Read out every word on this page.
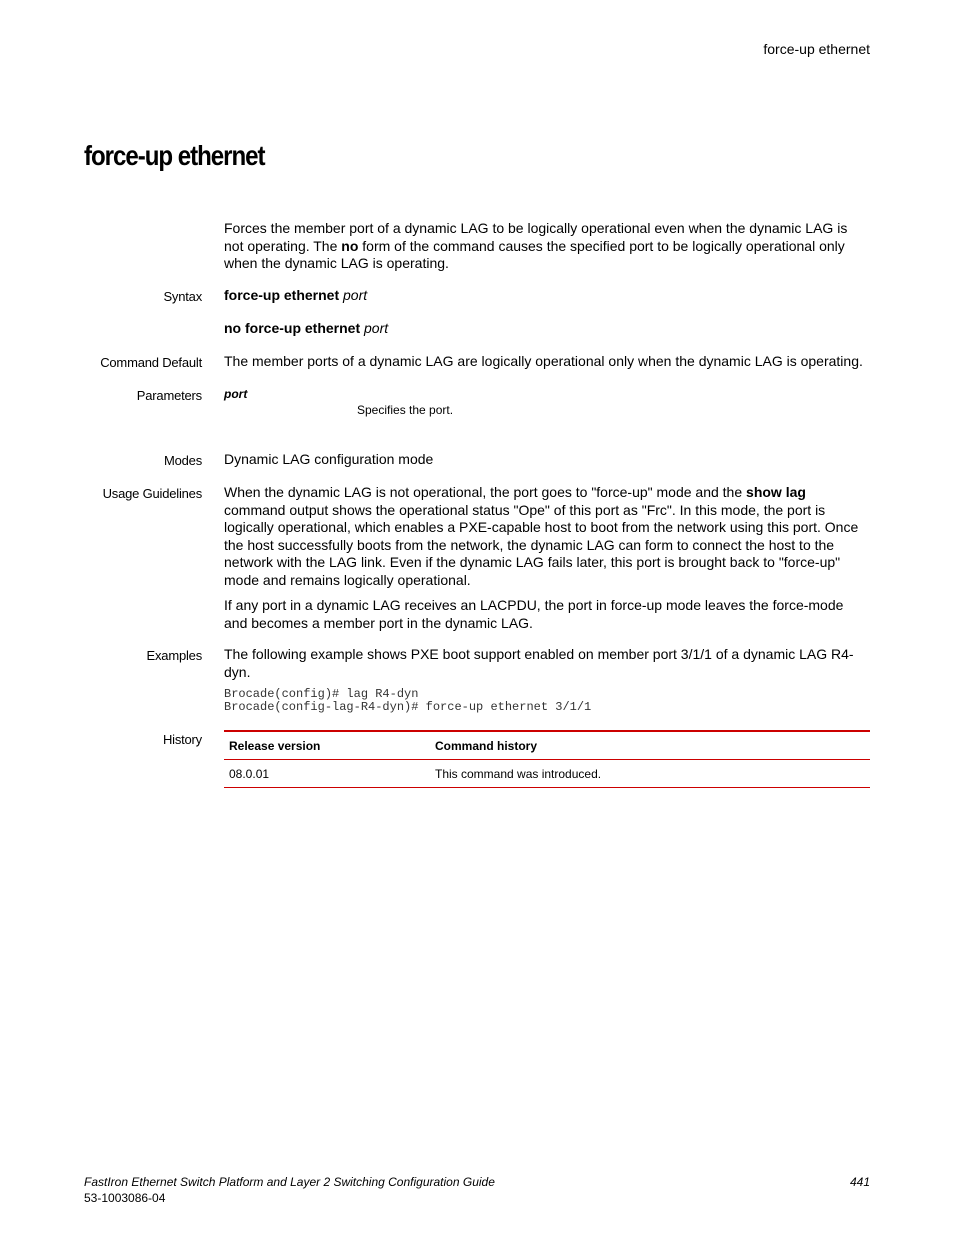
force-up ethernet
force-up ethernet

Forces the member port of a dynamic LAG to be logically operational even when the dynamic LAG is not operating. The no form of the command causes the specified port to be logically operational only when the dynamic LAG is operating.

Syntax force-up ethernet port
no force-up ethernet port
Command Default The member ports of a dynamic LAG are logically operational only when the dynamic LAG is operating.
Parameters port
Specifies the port.
Modes Dynamic LAG configuration mode
Usage Guidelines When the dynamic LAG is not operational, the port goes to "force-up" mode and the show lag command output shows the operational status "Ope" of this port as "Frc". In this mode, the port is logically operational, which enables a PXE-capable host to boot from the network using this port. Once the host successfully boots from the network, the dynamic LAG can form to connect the host to the network with the LAG link. Even if the dynamic LAG fails later, this port is brought back to "force-up" mode and remains logically operational.

If any port in a dynamic LAG receives an LACPDU, the port in force-up mode leaves the force-mode and becomes a member port in the dynamic LAG.

Examples The following example shows PXE boot support enabled on member port 3/1/1 of a dynamic LAG R4-dyn.
Brocade(config)# lag R4-dyn
Brocade(config-lag-R4-dyn)# force-up ethernet 3/1/1
History Release version	Command history
08.0.01	This command was introduced.
FastIron Ethernet Switch Platform and Layer 2 Switching Configuration Guide
53-1003086-04
441
